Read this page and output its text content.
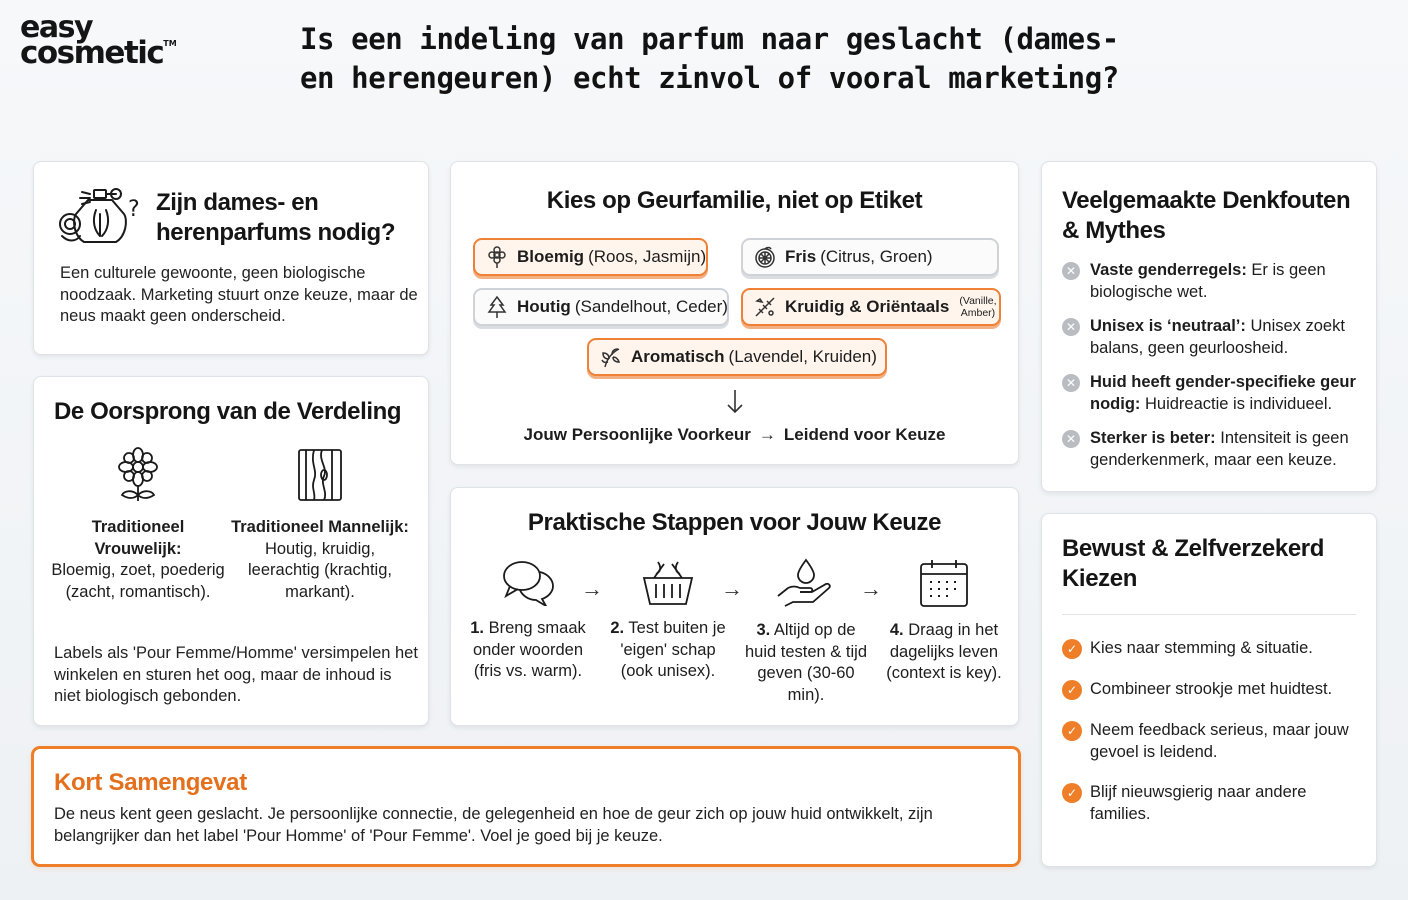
easy
cosmetic™	Is een indeling van parfum naar geslacht (dames- en herengeuren) echt zinvol of vooral marketing?
? Zijn dames- en herenparfums nodig?

Een culturele gewoonte, geen biologische noodzaak. Marketing stuurt onze keuze, maar de neus maakt geen onderscheid.

De Oorsprong van de Verdeling
Traditioneel Vrouwelijk:
Bloemig, zoet, poederig (zacht, romantisch).
Traditioneel Mannelijk:
Houtig, kruidig, leerachtig (krachtig, markant).

Labels als 'Pour Femme/Homme' versimpelen het winkelen en sturen het oog, maar de inhoud is niet biologisch gebonden.

Kies op Geurfamilie, niet op Etiket
Bloemig (Roos, Jasmijn)	Fris (Citrus, Groen)
Houtig (Sandelhout, Ceder)	Kruidig & Oriëntaals (Vanille, Amber)
Aromatisch (Lavendel, Kruiden)
Jouw Persoonlijke Voorkeur → Leidend voor Keuze
Praktische Stappen voor Jouw Keuze
1. Breng smaak onder woorden (fris vs. warm).
→
2. Test buiten je 'eigen' schap (ook unisex).
→
3. Altijd op de huid testen & tijd geven (30-60 min).
→
4. Draag in het dagelijks leven (context is key).
Veelgemaakte Denkfouten & Mythes
✕ Vaste genderregels: Er is geen biologische wet.
✕ Unisex is ‘neutraal’: Unisex zoekt balans, geen geurloosheid.
✕ Huid heeft gender-specifieke geur nodig: Huidreactie is individueel.
✕ Sterker is beter: Intensiteit is geen genderkenmerk, maar een keuze.
Bewust & Zelfverzekerd Kiezen
✓ Kies naar stemming & situatie.
✓ Combineer strookje met huidtest.
✓ Neem feedback serieus, maar jouw gevoel is leidend.
✓ Blijf nieuwsgierig naar andere families.
Kort Samengevat

De neus kent geen geslacht. Je persoonlijke connectie, de gelegenheid en hoe de geur zich op jouw huid ontwikkelt, zijn belangrijker dan het label 'Pour Homme' of 'Pour Femme'. Voel je goed bij je keuze.
